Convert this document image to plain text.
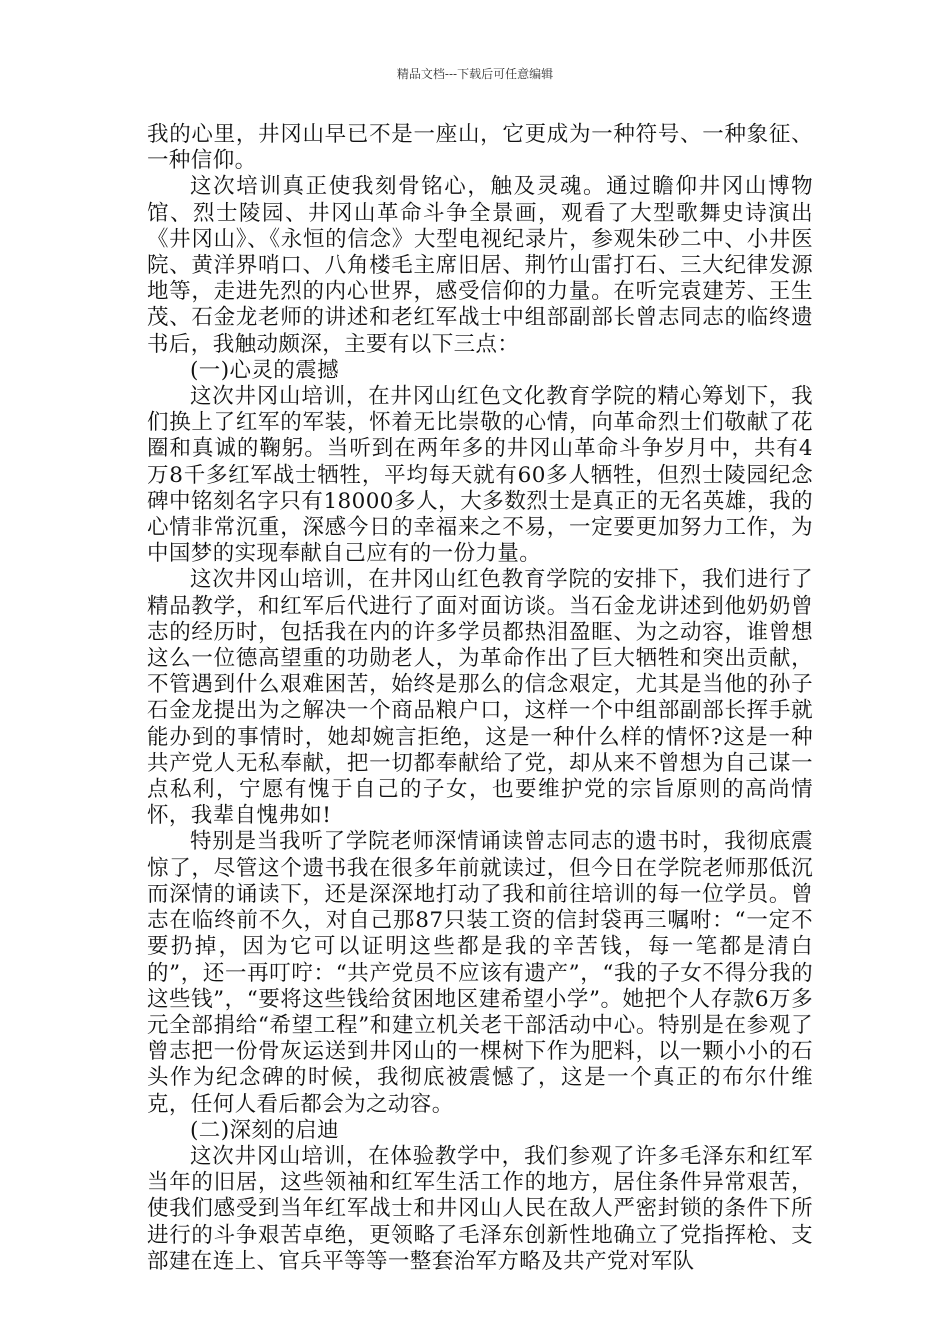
精品文档---下载后可任意编辑

我的心里，井冈山早已不是一座山，它更成为一种符号、一种象征、一种信仰。

这次培训真正使我刻骨铭心，触及灵魂。通过瞻仰井冈山博物馆、烈士陵园、井冈山革命斗争全景画，观看了大型歌舞史诗演出《井冈山》、《永恒的信念》大型电视纪录片，参观朱砂二中、小井医院、黄洋界哨口、八角楼毛主席旧居、荆竹山雷打石、三大纪律发源地等，走进先烈的内心世界，感受信仰的力量。在听完袁建芳、王生茂、石金龙老师的讲述和老红军战士中组部副部长曾志同志的临终遗书后，我触动颇深，主要有以下三点：

(一)心灵的震撼

这次井冈山培训，在井冈山红色文化教育学院的精心筹划下，我们换上了红军的军装，怀着无比崇敬的心情，向革命烈士们敬献了花圈和真诚的鞠躬。当听到在两年多的井冈山革命斗争岁月中，共有4万8千多红军战士牺牲，平均每天就有60多人牺牲，但烈士陵园纪念碑中铭刻名字只有18000多人，大多数烈士是真正的无名英雄，我的心情非常沉重，深感今日的幸福来之不易，一定要更加努力工作，为中国梦的实现奉献自己应有的一份力量。

这次井冈山培训，在井冈山红色教育学院的安排下，我们进行了精品教学，和红军后代进行了面对面访谈。当石金龙讲述到他奶奶曾志的经历时，包括我在内的许多学员都热泪盈眶、为之动容，谁曾想这么一位德高望重的功勋老人，为革命作出了巨大牺牲和突出贡献，不管遇到什么艰难困苦，始终是那么的信念艰定，尤其是当他的孙子石金龙提出为之解决一个商品粮户口，这样一个中组部副部长挥手就能办到的事情时，她却婉言拒绝，这是一种什么样的情怀?这是一种共产党人无私奉献，把一切都奉献给了党，却从来不曾想为自己谋一点私利，宁愿有愧于自己的子女，也要维护党的宗旨原则的高尚情怀，我辈自愧弗如!

特别是当我听了学院老师深情诵读曾志同志的遗书时，我彻底震惊了，尽管这个遗书我在很多年前就读过，但今日在学院老师那低沉而深情的诵读下，还是深深地打动了我和前往培训的每一位学员。曾志在临终前不久，对自己那87只装工资的信封袋再三嘱咐：“一定不要扔掉，因为它可以证明这些都是我的辛苦钱，每一笔都是清白的”，还一再叮咛：“共产党员不应该有遗产”，“我的子女不得分我的这些钱”，“要将这些钱给贫困地区建希望小学”。她把个人存款6万多元全部捐给“希望工程”和建立机关老干部活动中心。特别是在参观了曾志把一份骨灰运送到井冈山的一棵树下作为肥料，以一颗小小的石头作为纪念碑的时候，我彻底被震憾了，这是一个真正的布尔什维克，任何人看后都会为之动容。

(二)深刻的启迪

这次井冈山培训，在体验教学中，我们参观了许多毛泽东和红军当年的旧居，这些领袖和红军生活工作的地方，居住条件异常艰苦，使我们感受到当年红军战士和井冈山人民在敌人严密封锁的条件下所进行的斗争艰苦卓绝，更领略了毛泽东创新性地确立了党指挥枪、支部建在连上、官兵平等等一整套治军方略及共产党对军队
